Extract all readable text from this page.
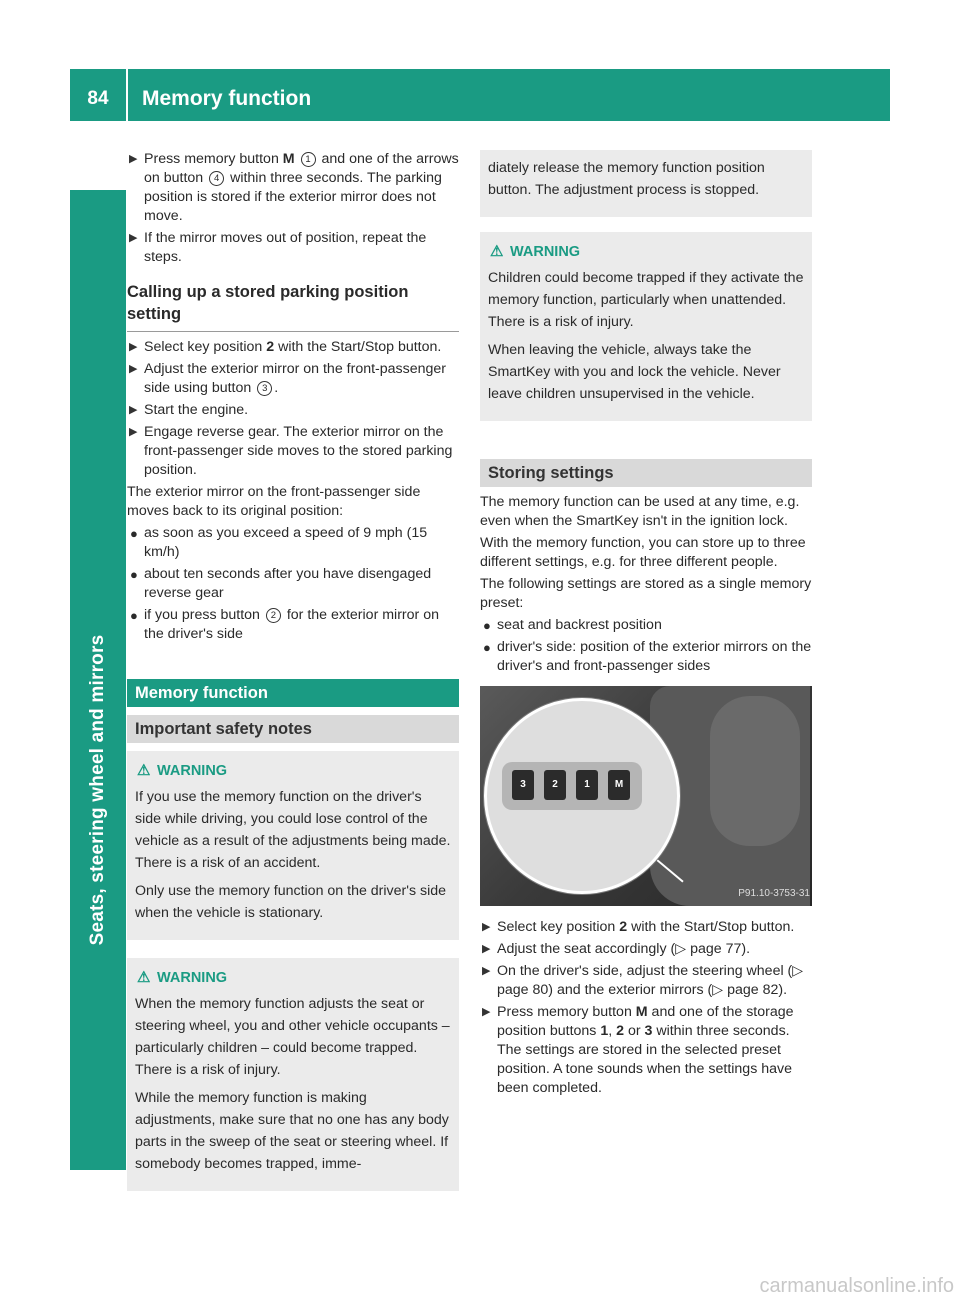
84	Memory function
Seats, steering wheel and mirrors
▶ Press memory button M 1 and one of the arrows on button 4 within three seconds. The parking position is stored if the exterior mirror does not move.
▶ If the mirror moves out of position, repeat the steps.
Calling up a stored parking position setting
▶ Select key position 2 with the Start/Stop button.
▶ Adjust the exterior mirror on the front-passenger side using button 3 .
▶ Start the engine.
▶ Engage reverse gear. The exterior mirror on the front-passenger side moves to the stored parking position.

The exterior mirror on the front-passenger side moves back to its original position:

● as soon as you exceed a speed of 9 mph (15 km/h)
● about ten seconds after you have disengaged reverse gear
● if you press button 2 for the exterior mirror on the driver's side
Memory function
Important safety notes
⚠ WARNING

If you use the memory function on the driver's side while driving, you could lose control of the vehicle as a result of the adjustments being made. There is a risk of an accident.

Only use the memory function on the driver's side when the vehicle is stationary.

⚠ WARNING

When the memory function adjusts the seat or steering wheel, you and other vehicle occupants – particularly children – could become trapped. There is a risk of injury.

While the memory function is making adjustments, make sure that no one has any body parts in the sweep of the seat or steering wheel. If somebody becomes trapped, imme-

diately release the memory function position button. The adjustment process is stopped.

⚠ WARNING

Children could become trapped if they activate the memory function, particularly when unattended. There is a risk of injury.

When leaving the vehicle, always take the SmartKey with you and lock the vehicle. Never leave children unsupervised in the vehicle.

Storing settings

The memory function can be used at any time, e.g. even when the SmartKey isn't in the ignition lock.

With the memory function, you can store up to three different settings, e.g. for three different people.

The following settings are stored as a single memory preset:

● seat and backrest position
● driver's side: position of the exterior mirrors on the driver's and front-passenger sides
3	2	1	M
P91.10-3753-31
▶ Select key position 2 with the Start/Stop button.
▶ Adjust the seat accordingly (▷ page 77).
▶ On the driver's side, adjust the steering wheel (▷ page 80) and the exterior mirrors (▷ page 82).
▶ Press memory button M and one of the storage position buttons 1, 2 or 3 within three seconds. The settings are stored in the selected preset position. A tone sounds when the settings have been completed.
carmanualsonline.info
